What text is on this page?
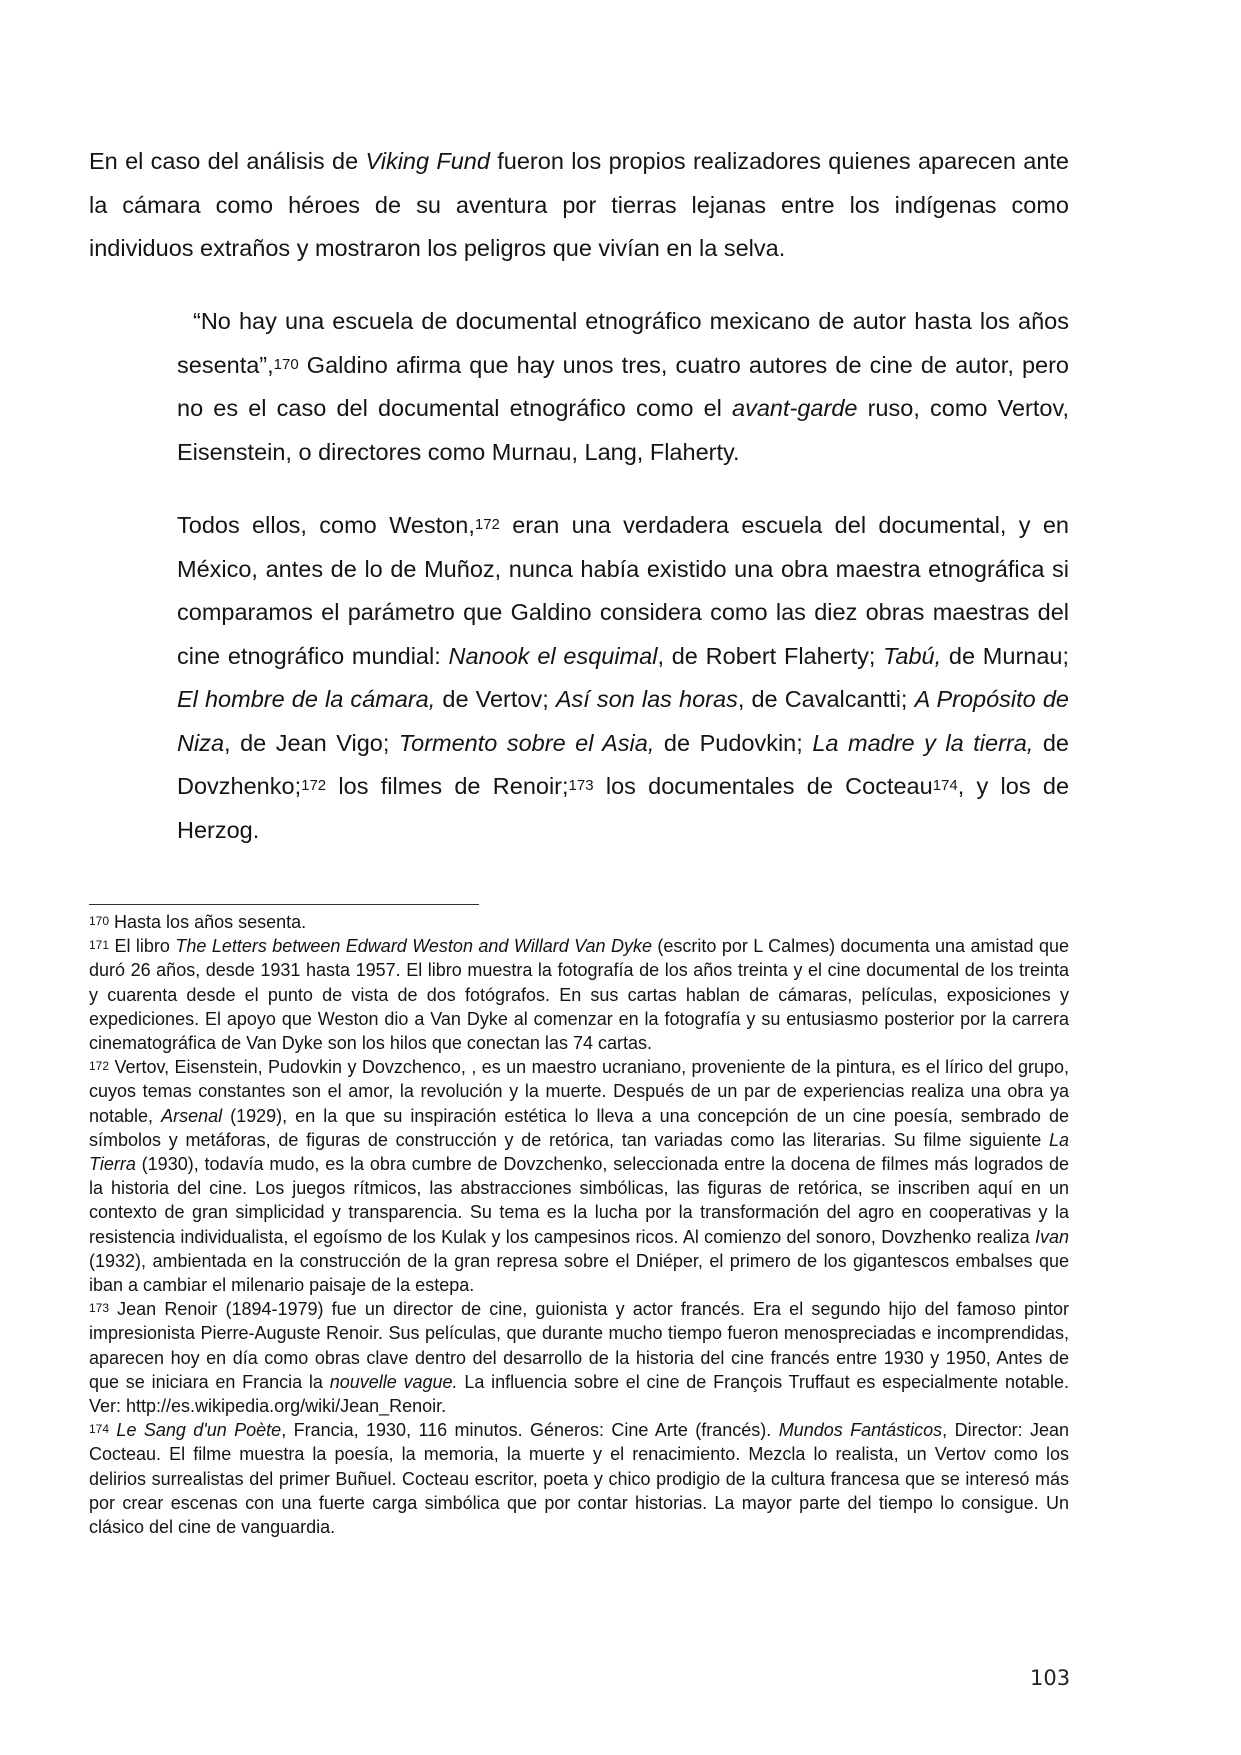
En el caso del análisis de Viking Fund fueron los propios realizadores quienes aparecen ante la cámara como héroes de su aventura por tierras lejanas entre los indígenas como individuos extraños y mostraron los peligros que vivían en la selva.

“No hay una escuela de documental etnográfico mexicano de autor hasta los años sesenta”,$^{170}$ Galdino afirma que hay unos tres, cuatro autores de cine de autor, pero no es el caso del documental etnográfico como el avant-garde ruso, como Vertov, Eisenstein, o directores como Murnau, Lang, Flaherty.

Todos ellos, como Weston,$^{172}$ eran una verdadera escuela del documental, y en México, antes de lo de Muñoz, nunca había existido una obra maestra etnográfica si comparamos el parámetro que Galdino considera como las diez obras maestras del cine etnográfico mundial: Nanook el esquimal, de Robert Flaherty; Tabú, de Murnau; El hombre de la cámara, de Vertov; Así son las horas, de Cavalcantti; A Propósito de Niza, de Jean Vigo; Tormento sobre el Asia, de Pudovkin; La madre y la tierra, de Dovzhenko;$^{172}$ los filmes de Renoir;$^{173}$ los documentales de Cocteau$^{174}$, y los de Herzog.

$^{170}$ Hasta los años sesenta.

$^{171}$ El libro The Letters between Edward Weston and Willard Van Dyke (escrito por L Calmes) documenta una amistad que duró 26 años, desde 1931 hasta 1957. El libro muestra la fotografía de los años treinta y el cine documental de los treinta y cuarenta desde el punto de vista de dos fotógrafos. En sus cartas hablan de cámaras, películas, exposiciones y expediciones. El apoyo que Weston dio a Van Dyke al comenzar en la fotografía y su entusiasmo posterior por la carrera cinematográfica de Van Dyke son los hilos que conectan las 74 cartas.

$^{172}$ Vertov, Eisenstein, Pudovkin y Dovzchenco, , es un maestro ucraniano, proveniente de la pintura, es el lírico del grupo, cuyos temas constantes son el amor, la revolución y la muerte. Después de un par de experiencias realiza una obra ya notable, Arsenal (1929), en la que su inspiración estética lo lleva a una concepción de un cine poesía, sembrado de símbolos y metáforas, de figuras de construcción y de retórica, tan variadas como las literarias. Su filme siguiente La Tierra (1930), todavía mudo, es la obra cumbre de Dovzchenko, seleccionada entre la docena de filmes más logrados de la historia del cine. Los juegos rítmicos, las abstracciones simbólicas, las figuras de retórica, se inscriben aquí en un contexto de gran simplicidad y transparencia. Su tema es la lucha por la transformación del agro en cooperativas y la resistencia individualista, el egoísmo de los Kulak y los campesinos ricos. Al comienzo del sonoro, Dovzhenko realiza Ivan (1932), ambientada en la construcción de la gran represa sobre el Dniéper, el primero de los gigantescos embalses que iban a cambiar el milenario paisaje de la estepa.

$^{173}$ Jean Renoir (1894-1979) fue un director de cine, guionista y actor francés. Era el segundo hijo del famoso pintor impresionista Pierre-Auguste Renoir. Sus películas, que durante mucho tiempo fueron menospreciadas e incomprendidas, aparecen hoy en día como obras clave dentro del desarrollo de la historia del cine francés entre 1930 y 1950, Antes de que se iniciara en Francia la nouvelle vague. La influencia sobre el cine de François Truffaut es especialmente notable. Ver: http://es.wikipedia.org/wiki/Jean_Renoir.

$^{174}$ Le Sang d'un Poète, Francia, 1930, 116 minutos. Géneros: Cine Arte (francés). Mundos Fantásticos, Director: Jean Cocteau. El filme muestra la poesía, la memoria, la muerte y el renacimiento. Mezcla lo realista, un Vertov como los delirios surrealistas del primer Buñuel. Cocteau escritor, poeta y chico prodigio de la cultura francesa que se interesó más por crear escenas con una fuerte carga simbólica que por contar historias. La mayor parte del tiempo lo consigue. Un clásico del cine de vanguardia.

103
